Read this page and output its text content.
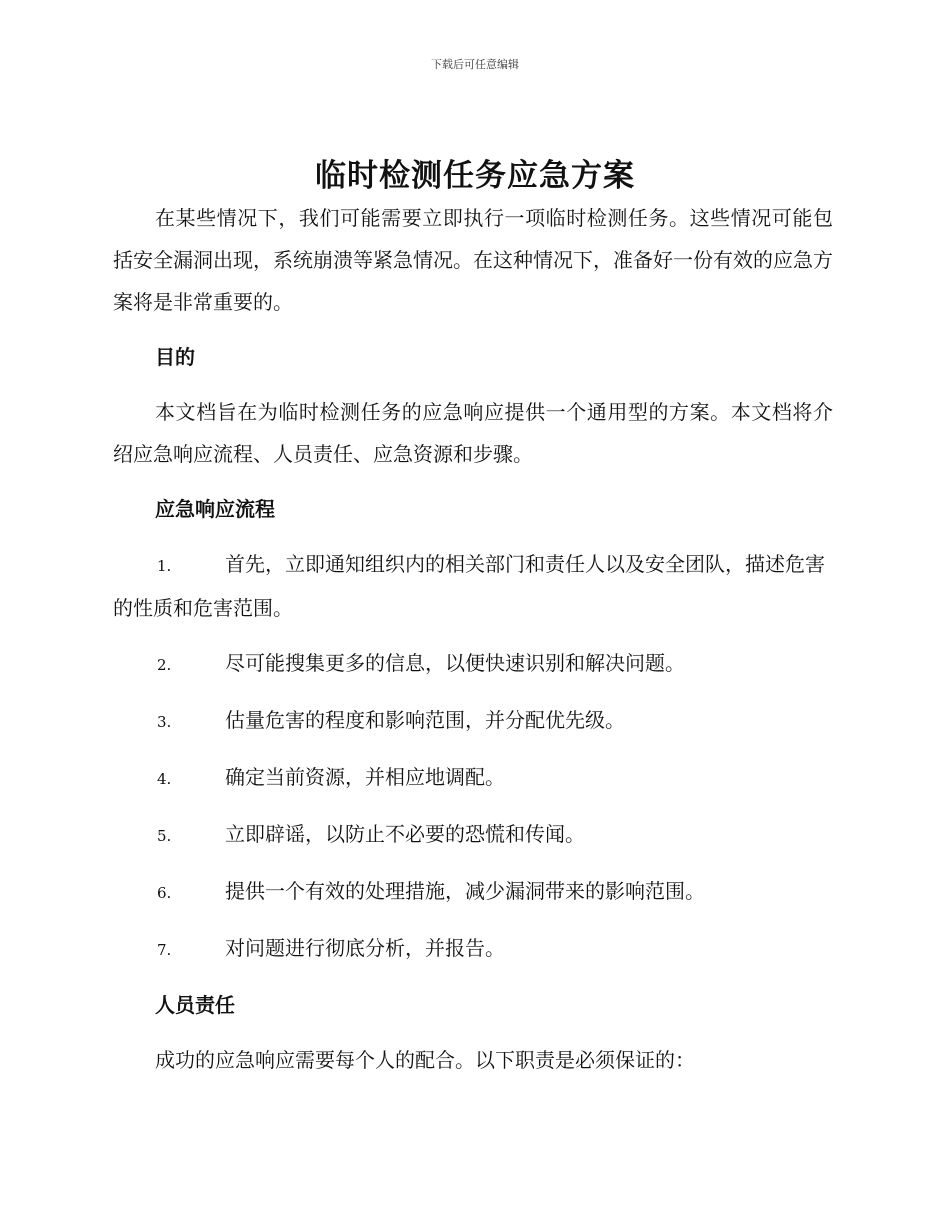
下载后可任意编辑
临时检测任务应急方案

在某些情况下，我们可能需要立即执行一项临时检测任务。这些情况可能包括安全漏洞出现，系统崩溃等紧急情况。在这种情况下，准备好一份有效的应急方案将是非常重要的。

目的

本文档旨在为临时检测任务的应急响应提供一个通用型的方案。本文档将介绍应急响应流程、人员责任、应急资源和步骤。

应急响应流程

1.	首先，立即通知组织内的相关部门和责任人以及安全团队，描述危害的性质和危害范围。

2.	尽可能搜集更多的信息，以便快速识别和解决问题。

3.	估量危害的程度和影响范围，并分配优先级。

4.	确定当前资源，并相应地调配。

5.	立即辟谣，以防止不必要的恐慌和传闻。

6.	提供一个有效的处理措施，减少漏洞带来的影响范围。

7.	对问题进行彻底分析，并报告。

人员责任

成功的应急响应需要每个人的配合。以下职责是必须保证的：
